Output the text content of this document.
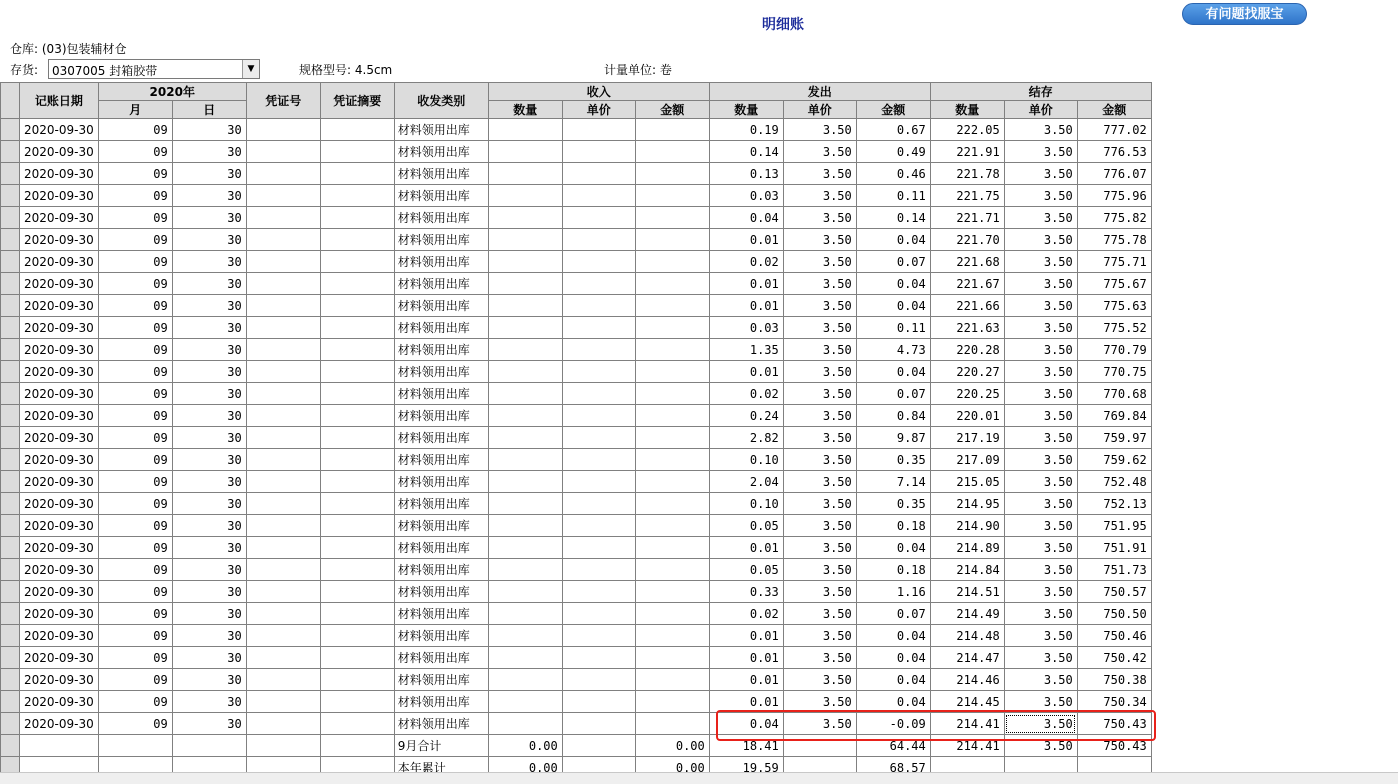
明细账
有问题找服宝
仓库: (03)包装辅材仓
存货: 0307005 封箱胶带	▼	规格型号: 4.5cm	计量单位: 卷
	记账日期	2020年		凭证号	凭证摘要	收发类别	收入			发出			结存		
		月	日				数量	单价	金额	数量	单价	金额	数量	单价	金额
	2020-09-30	09	30			材料领用出库				0.19	3.50	0.67	222.05	3.50	777.02
	2020-09-30	09	30			材料领用出库				0.14	3.50	0.49	221.91	3.50	776.53
	2020-09-30	09	30			材料领用出库				0.13	3.50	0.46	221.78	3.50	776.07
	2020-09-30	09	30			材料领用出库				0.03	3.50	0.11	221.75	3.50	775.96
	2020-09-30	09	30			材料领用出库				0.04	3.50	0.14	221.71	3.50	775.82
	2020-09-30	09	30			材料领用出库				0.01	3.50	0.04	221.70	3.50	775.78
	2020-09-30	09	30			材料领用出库				0.02	3.50	0.07	221.68	3.50	775.71
	2020-09-30	09	30			材料领用出库				0.01	3.50	0.04	221.67	3.50	775.67
	2020-09-30	09	30			材料领用出库				0.01	3.50	0.04	221.66	3.50	775.63
	2020-09-30	09	30			材料领用出库				0.03	3.50	0.11	221.63	3.50	775.52
	2020-09-30	09	30			材料领用出库				1.35	3.50	4.73	220.28	3.50	770.79
	2020-09-30	09	30			材料领用出库				0.01	3.50	0.04	220.27	3.50	770.75
	2020-09-30	09	30			材料领用出库				0.02	3.50	0.07	220.25	3.50	770.68
	2020-09-30	09	30			材料领用出库				0.24	3.50	0.84	220.01	3.50	769.84
	2020-09-30	09	30			材料领用出库				2.82	3.50	9.87	217.19	3.50	759.97
	2020-09-30	09	30			材料领用出库				0.10	3.50	0.35	217.09	3.50	759.62
	2020-09-30	09	30			材料领用出库				2.04	3.50	7.14	215.05	3.50	752.48
	2020-09-30	09	30			材料领用出库				0.10	3.50	0.35	214.95	3.50	752.13
	2020-09-30	09	30			材料领用出库				0.05	3.50	0.18	214.90	3.50	751.95
	2020-09-30	09	30			材料领用出库				0.01	3.50	0.04	214.89	3.50	751.91
	2020-09-30	09	30			材料领用出库				0.05	3.50	0.18	214.84	3.50	751.73
	2020-09-30	09	30			材料领用出库				0.33	3.50	1.16	214.51	3.50	750.57
	2020-09-30	09	30			材料领用出库				0.02	3.50	0.07	214.49	3.50	750.50
	2020-09-30	09	30			材料领用出库				0.01	3.50	0.04	214.48	3.50	750.46
	2020-09-30	09	30			材料领用出库				0.01	3.50	0.04	214.47	3.50	750.42
	2020-09-30	09	30			材料领用出库				0.01	3.50	0.04	214.46	3.50	750.38
	2020-09-30	09	30			材料领用出库				0.01	3.50	0.04	214.45	3.50	750.34
	2020-09-30	09	30			材料领用出库				0.04	3.50	-0.09	214.41	3.50	750.43
						9月合计	0.00		0.00	18.41		64.44	214.41	3.50	750.43
						本年累计	0.00		0.00	19.59		68.57			
